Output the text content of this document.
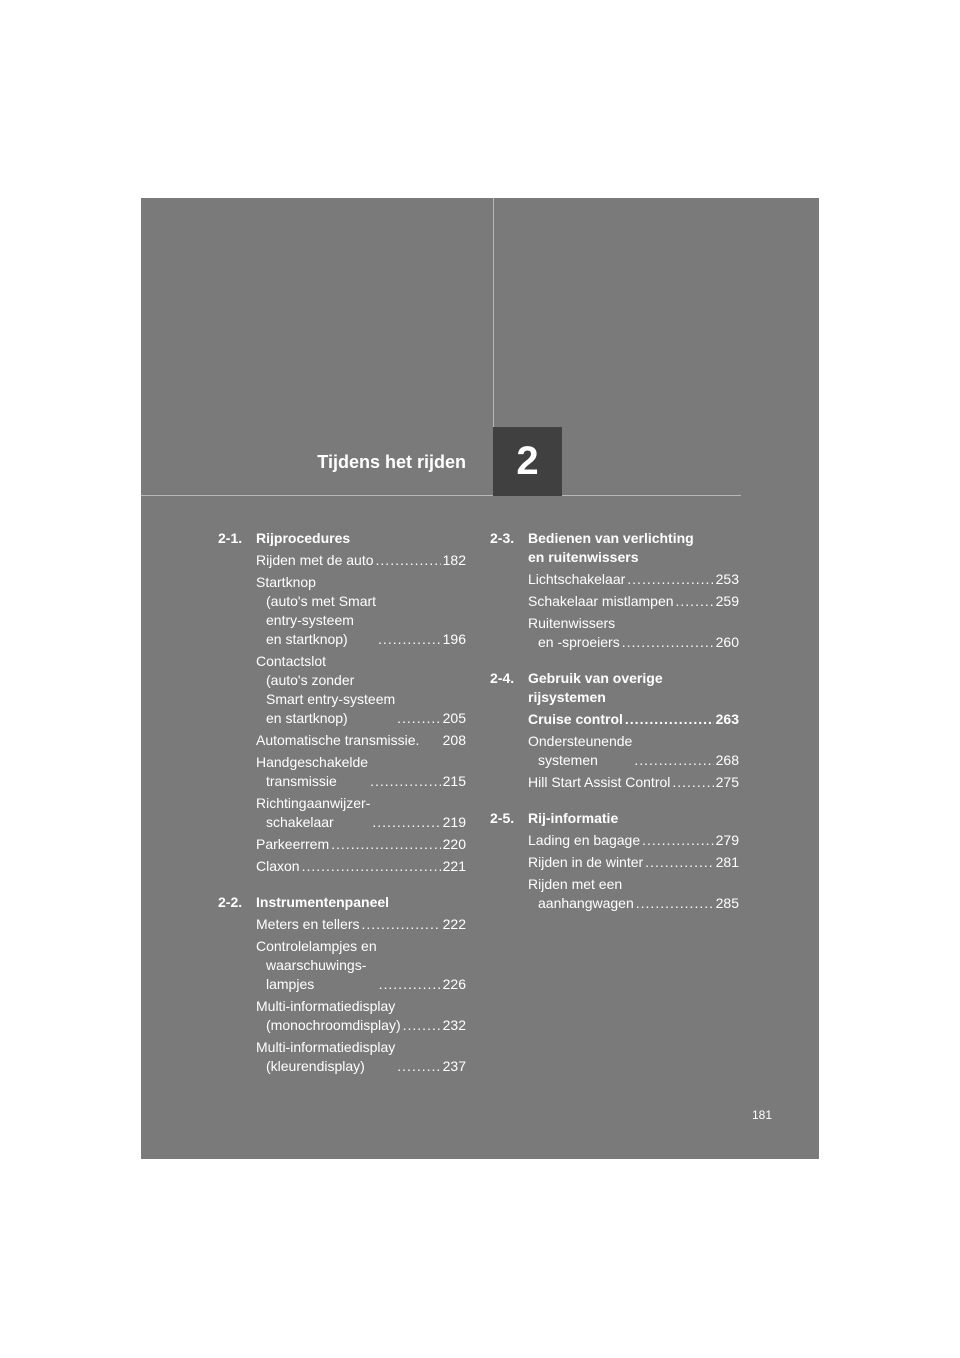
2
Tijdens het rijden
2-1. Rijprocedures
Rijden met de auto .....	182
Startknop
(auto's met Smart
entry-systeem
en startknop) .....	196
Contactslot
(auto's zonder
Smart entry-systeem
en startknop) .....	205
Automatische transmissie. 208
Handgeschakelde
transmissie .....	215
Richtingaanwijzer-
schakelaar .....	219
Parkeerrem .....	220
Claxon .....	221
2-2. Instrumentenpaneel
Meters en tellers .....	222
Controlelampjes en
waarschuwings-
lampjes .....	226
Multi-informatiedisplay
(monochroomdisplay) .....	232
Multi-informatiedisplay
(kleurendisplay) .....	237
2-3. Bedienen van verlichting
en ruitenwissers
Lichtschakelaar .....	253
Schakelaar mistlampen .....	259
Ruitenwissers
en -sproeiers .....	260
2-4. Gebruik van overige
rijsystemen
Cruise control .....	263
Ondersteunende
systemen .....	268
Hill Start Assist Control .....	275
2-5. Rij-informatie
Lading en bagage .....	279
Rijden in de winter .....	281
Rijden met een
aanhangwagen .....	285
181
